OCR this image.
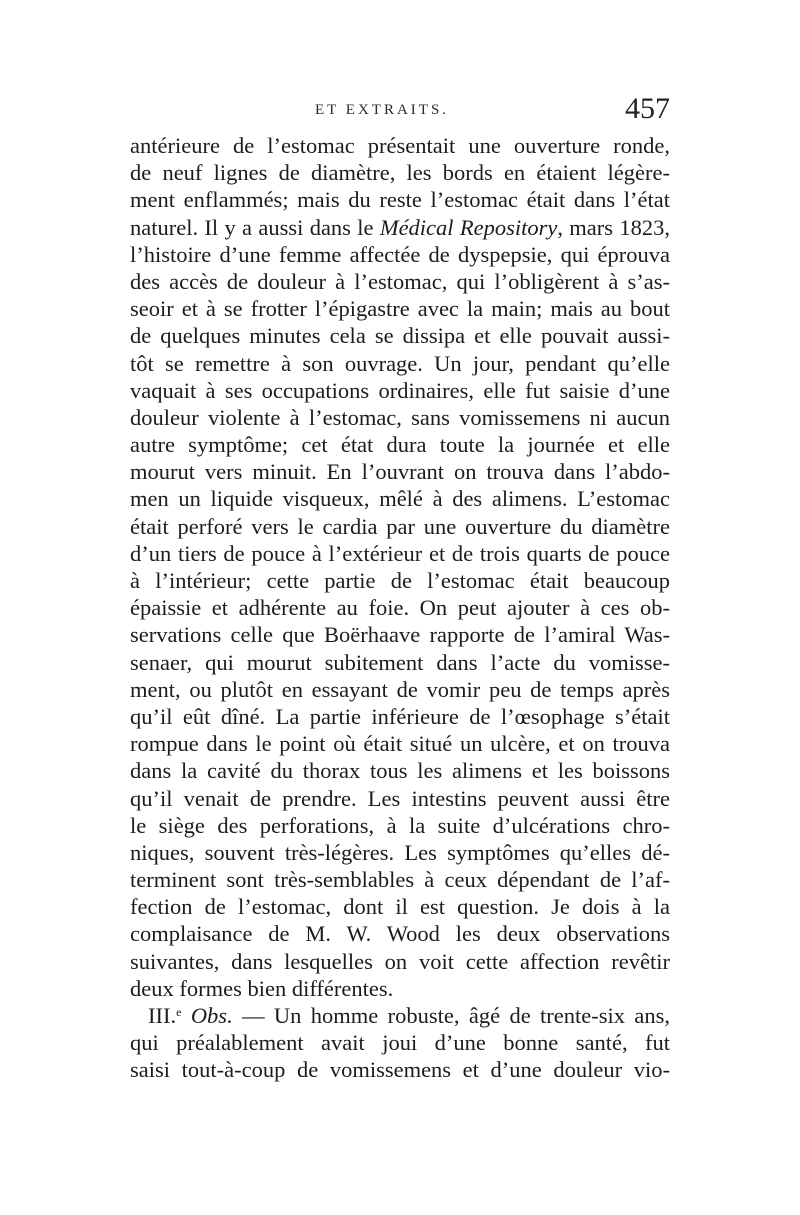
ET EXTRAITS.	457
antérieure de l’estomac présentait une ouverture ronde,
de neuf lignes de diamètre, les bords en étaient légère-
ment enflammés; mais du reste l’estomac était dans l’état
naturel. Il y a aussi dans le Médical Repository, mars 1823,
l’histoire d’une femme affectée de dyspepsie, qui éprouva
des accès de douleur à l’estomac, qui l’obligèrent à s’as-
seoir et à se frotter l’épigastre avec la main; mais au bout
de quelques minutes cela se dissipa et elle pouvait aussi-
tôt se remettre à son ouvrage. Un jour, pendant qu’elle
vaquait à ses occupations ordinaires, elle fut saisie d’une
douleur violente à l’estomac, sans vomissemens ni aucun
autre symptôme; cet état dura toute la journée et elle
mourut vers minuit. En l’ouvrant on trouva dans l’abdo-
men un liquide visqueux, mêlé à des alimens. L’estomac
était perforé vers le cardia par une ouverture du diamètre
d’un tiers de pouce à l’extérieur et de trois quarts de pouce
à l’intérieur; cette partie de l’estomac était beaucoup
épaissie et adhérente au foie. On peut ajouter à ces ob-
servations celle que Boërhaave rapporte de l’amiral Was-
senaer, qui mourut subitement dans l’acte du vomisse-
ment, ou plutôt en essayant de vomir peu de temps après
qu’il eût dîné. La partie inférieure de l’œsophage s’était
rompue dans le point où était situé un ulcère, et on trouva
dans la cavité du thorax tous les alimens et les boissons
qu’il venait de prendre. Les intestins peuvent aussi être
le siège des perforations, à la suite d’ulcérations chro-
niques, souvent très-légères. Les symptômes qu’elles dé-
terminent sont très-semblables à ceux dépendant de l’af-
fection de l’estomac, dont il est question. Je dois à la
complaisance de M. W. Wood les deux observations
suivantes, dans lesquelles on voit cette affection revêtir
deux formes bien différentes.
III.$^e$ Obs. — Un homme robuste, âgé de trente-six ans,
qui préalablement avait joui d’une bonne santé, fut
saisi tout-à-coup de vomissemens et d’une douleur vio-
